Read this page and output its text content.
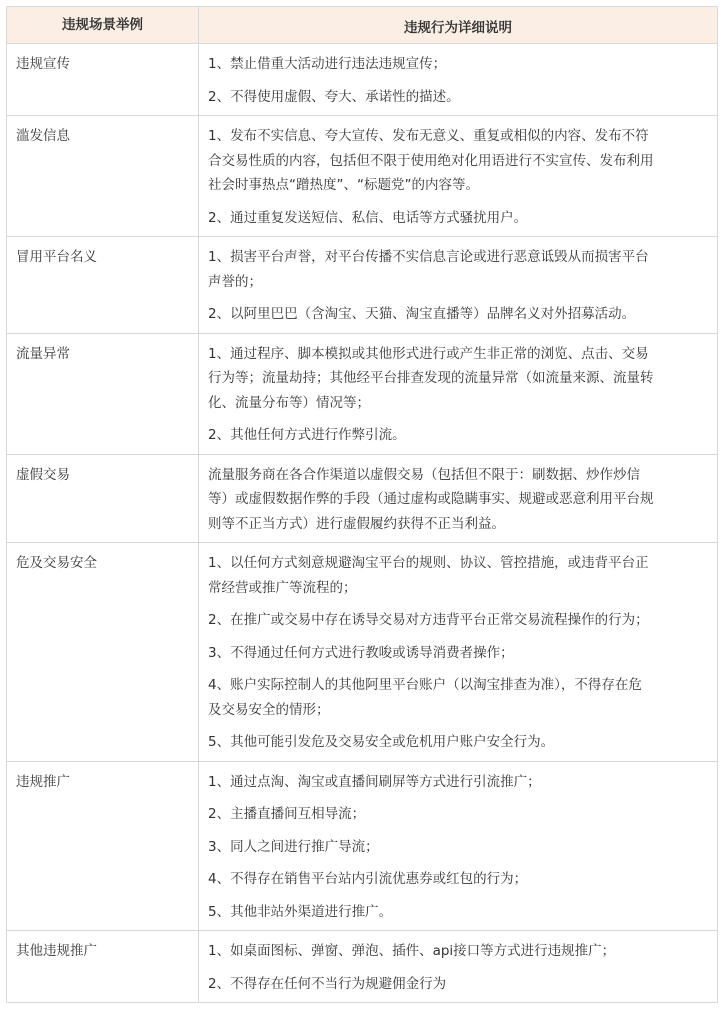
违规场景举例	违规行为详细说明
违规宣传	1、禁止借重大活动进行违法违规宣传；
2、不得使用虚假、夸大、承诺性的描述。
滥发信息	1、发布不实信息、夸大宣传、发布无意义、重复或相似的内容、发布不符
合交易性质的内容，包括但不限于使用绝对化用语进行不实宣传、发布利用
社会时事热点“蹭热度”、“标题党”的内容等。
2、通过重复发送短信、私信、电话等方式骚扰用户。
冒用平台名义	1、损害平台声誉，对平台传播不实信息言论或进行恶意诋毁从而损害平台
声誉的；
2、以阿里巴巴（含淘宝、天猫、淘宝直播等）品牌名义对外招募活动。
流量异常	1、通过程序、脚本模拟或其他形式进行或产生非正常的浏览、点击、交易
行为等；流量劫持；其他经平台排查发现的流量异常（如流量来源、流量转
化、流量分布等）情况等；
2、其他任何方式进行作弊引流。
虚假交易	流量服务商在各合作渠道以虚假交易（包括但不限于：刷数据、炒作炒信
等）或虚假数据作弊的手段（通过虚构或隐瞒事实、规避或恶意利用平台规
则等不正当方式）进行虚假履约获得不正当利益。
危及交易安全	1、以任何方式刻意规避淘宝平台的规则、协议、管控措施，或违背平台正
常经营或推广等流程的；
2、在推广或交易中存在诱导交易对方违背平台正常交易流程操作的行为；
3、不得通过任何方式进行教唆或诱导消费者操作；
4、账户实际控制人的其他阿里平台账户（以淘宝排查为准），不得存在危
及交易安全的情形；
5、其他可能引发危及交易安全或危机用户账户安全行为。
违规推广	1、通过点淘、淘宝或直播间刷屏等方式进行引流推广；
2、主播直播间互相导流；
3、同人之间进行推广导流；
4、不得存在销售平台站内引流优惠券或红包的行为；
5、其他非站外渠道进行推广。
其他违规推广	1、如桌面图标、弹窗、弹泡、插件、api接口等方式进行违规推广；
2、不得存在任何不当行为规避佣金行为
